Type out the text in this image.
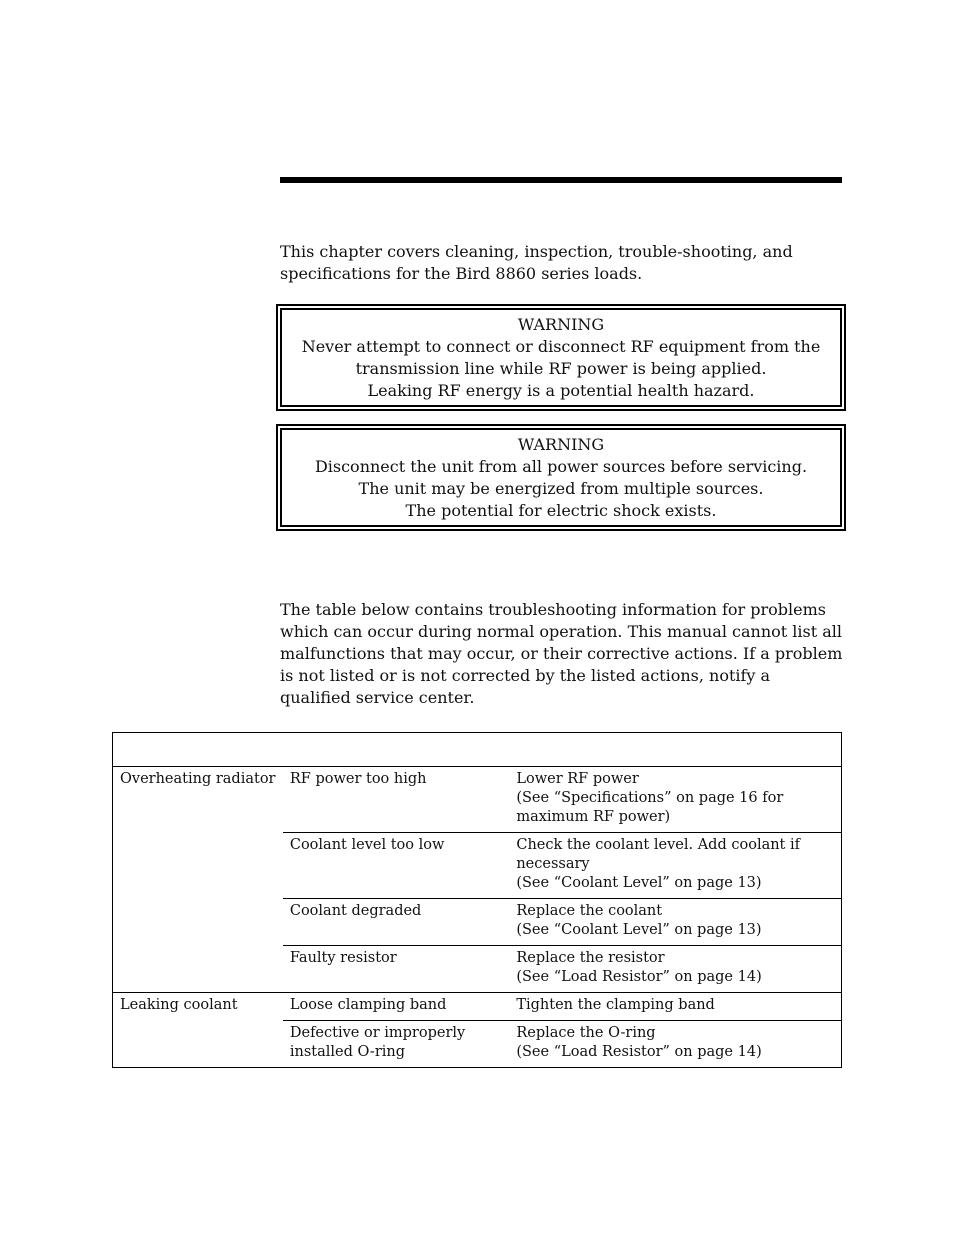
This chapter covers cleaning, inspection, trouble-shooting, and specifications for the Bird 8860 series loads.

WARNING
Never attempt to connect or disconnect RF equipment from the
transmission line while RF power is being applied.
Leaking RF energy is a potential health hazard.
WARNING
Disconnect the unit from all power sources before servicing.
The unit may be energized from multiple sources.
The potential for electric shock exists.

The table below contains troubleshooting information for problems which can occur during normal operation. This manual cannot list all malfunctions that may occur, or their corrective actions. If a problem is not listed or is not corrected by the listed actions, notify a qualified service center.

Overheating radiator	RF power too high	Lower RF power
(See “Specifications” on page 16 for maximum RF power)

	Coolant level too low	Check the coolant level. Add coolant if necessary
(See “Coolant Level” on page 13)

	Coolant degraded	Replace the coolant
(See “Coolant Level” on page 13)

	Faulty resistor	Replace the resistor
(See “Load Resistor” on page 14)

Leaking coolant	Loose clamping band	Tighten the clamping band

	Defective or improperly installed O-ring	Replace the O-ring
(See “Load Resistor” on page 14)
